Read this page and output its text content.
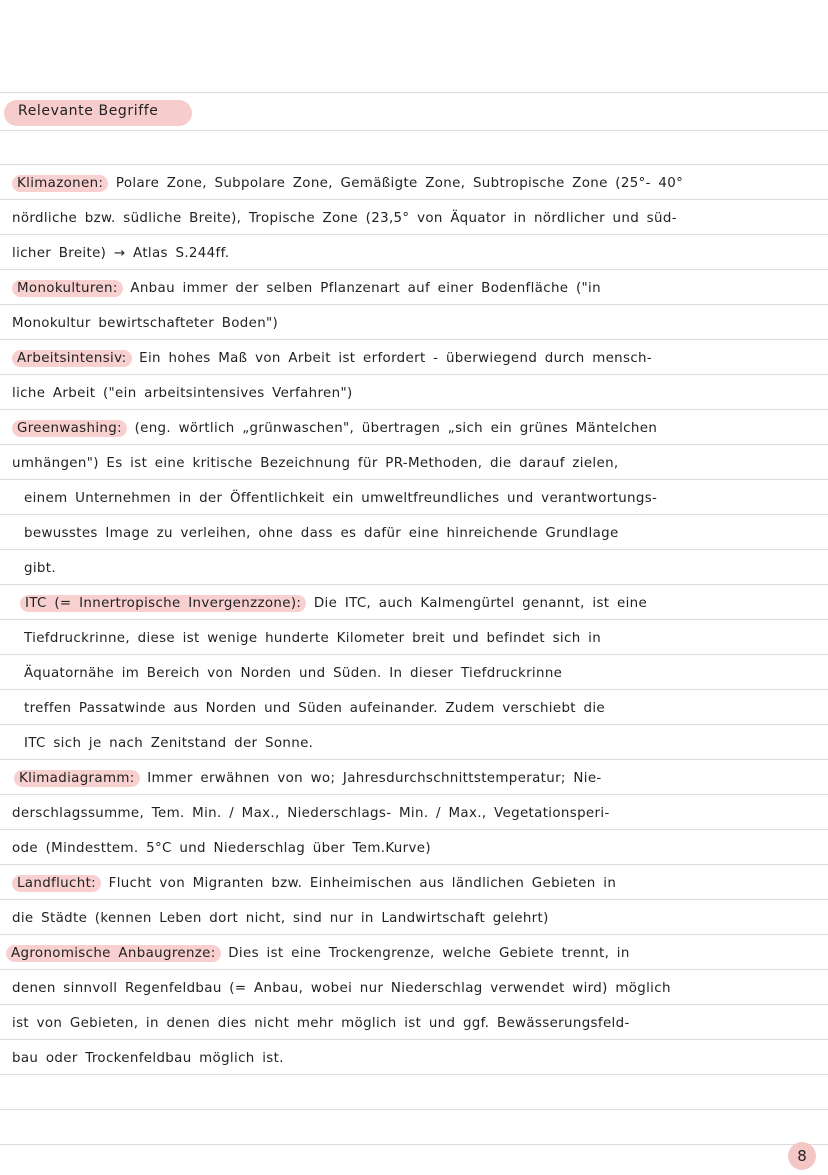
Relevante Begriffe
Klimazonen: Polare Zone, Subpolare Zone, Gemäßigte Zone, Subtropische Zone (25°- 40°
nördliche bzw. südliche Breite), Tropische Zone (23,5° von Äquator in nördlicher und süd-
licher Breite) → Atlas S.244ff.
Monokulturen: Anbau immer der selben Pflanzenart auf einer Bodenfläche ("in
Monokultur bewirtschafteter Boden")
Arbeitsintensiv: Ein hohes Maß von Arbeit ist erfordert - überwiegend durch mensch-
liche Arbeit ("ein arbeitsintensives Verfahren")
Greenwashing: (eng. wörtlich „grünwaschen", übertragen „sich ein grünes Mäntelchen
umhängen") Es ist eine kritische Bezeichnung für PR-Methoden, die darauf zielen,
einem Unternehmen in der Öffentlichkeit ein umweltfreundliches und verantwortungs-
bewusstes Image zu verleihen, ohne dass es dafür eine hinreichende Grundlage
gibt.
ITC (= Innertropische Invergenzzone): Die ITC, auch Kalmengürtel genannt, ist eine
Tiefdruckrinne, diese ist wenige hunderte Kilometer breit und befindet sich in
Äquatornähe im Bereich von Norden und Süden. In dieser Tiefdruckrinne
treffen Passatwinde aus Norden und Süden aufeinander. Zudem verschiebt die
ITC sich je nach Zenitstand der Sonne.
Klimadiagramm: Immer erwähnen von wo; Jahresdurchschnittstemperatur; Nie-
derschlagssumme, Tem. Min. / Max., Niederschlags- Min. / Max., Vegetationsperi-
ode (Mindesttem. 5°C und Niederschlag über Tem.Kurve)
Landflucht: Flucht von Migranten bzw. Einheimischen aus ländlichen Gebieten in
die Städte (kennen Leben dort nicht, sind nur in Landwirtschaft gelehrt)
Agronomische Anbaugrenze: Dies ist eine Trockengrenze, welche Gebiete trennt, in
denen sinnvoll Regenfeldbau (= Anbau, wobei nur Niederschlag verwendet wird) möglich
ist von Gebieten, in denen dies nicht mehr möglich ist und ggf. Bewässerungsfeld-
bau oder Trockenfeldbau möglich ist.
8
